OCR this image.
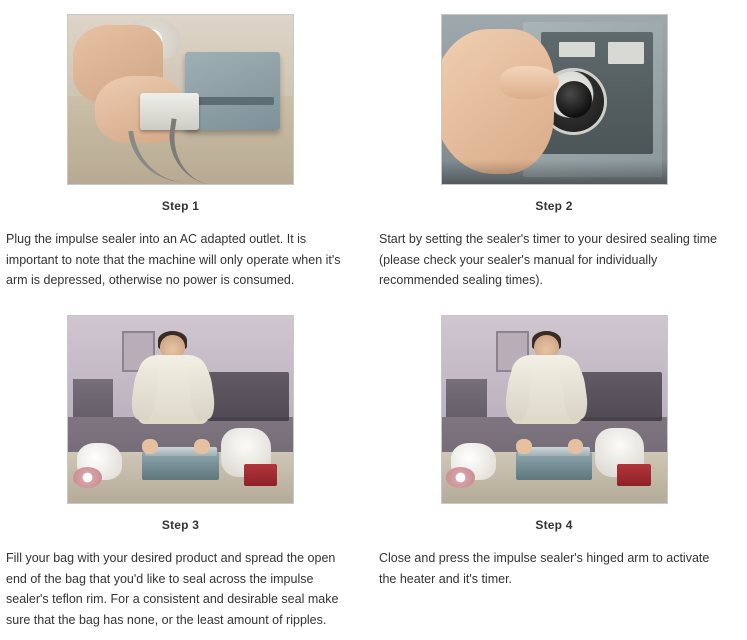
Step 1
Plug the impulse sealer into an AC adapted outlet. It is important to note that the machine will only operate when it's arm is depressed, otherwise no power is consumed.
Step 2
Start by setting the sealer's timer to your desired sealing time (please check your sealer's manual for individually recommended sealing times).
Step 3
Fill your bag with your desired product and spread the open end of the bag that you'd like to seal across the impulse sealer's teflon rim. For a consistent and desirable seal make sure that the bag has none, or the least amount of ripples.
Step 4
Close and press the impulse sealer's hinged arm to activate the heater and it's timer.
